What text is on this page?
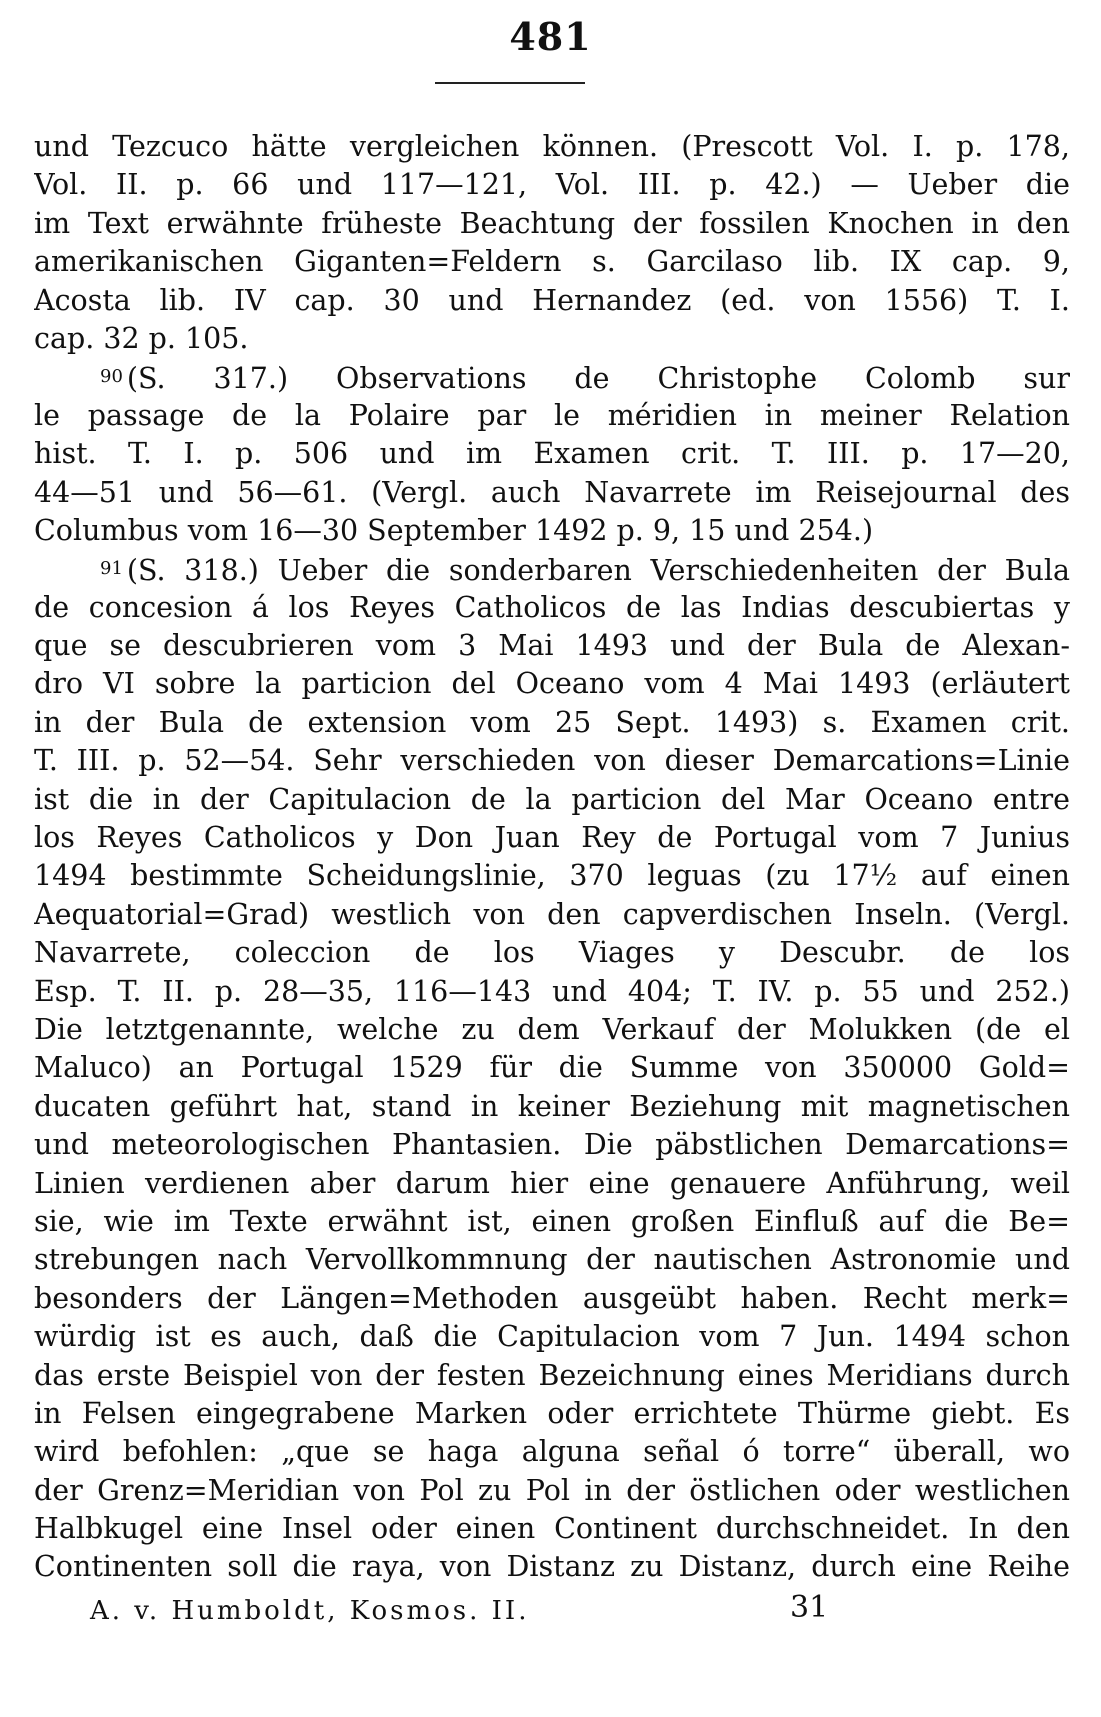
481
und Tezcuco hätte vergleichen können. (Prescott Vol. I. p. 178,
Vol. II. p. 66 und 117—121, Vol. III. p. 42.) — Ueber die
im Text erwähnte früheste Beachtung der fossilen Knochen in den
amerikanischen Giganten=Feldern s. Garcilaso lib. IX cap. 9,
Acosta lib. IV cap. 30 und Hernandez (ed. von 1556) T. I.
cap. 32 p. 105.
$^{90}$ (S. 317.) Observations de Christophe Colomb sur
le passage de la Polaire par le méridien in meiner Relation
hist. T. I. p. 506 und im Examen crit. T. III. p. 17—20,
44—51 und 56—61. (Vergl. auch Navarrete im Reisejournal des
Columbus vom 16—30 September 1492 p. 9, 15 und 254.)
$^{91}$ (S. 318.) Ueber die sonderbaren Verschiedenheiten der Bula
de concesion á los Reyes Catholicos de las Indias descubiertas y
que se descubrieren vom 3 Mai 1493 und der Bula de Alexan-
dro VI sobre la particion del Oceano vom 4 Mai 1493 (erläutert
in der Bula de extension vom 25 Sept. 1493) s. Examen crit.
T. III. p. 52—54. Sehr verschieden von dieser Demarcations=Linie
ist die in der Capitulacion de la particion del Mar Oceano entre
los Reyes Catholicos y Don Juan Rey de Portugal vom 7 Junius
1494 bestimmte Scheidungslinie, 370 leguas (zu 17½ auf einen
Aequatorial=Grad) westlich von den capverdischen Inseln. (Vergl.
Navarrete, coleccion de los Viages y Descubr. de los
Esp. T. II. p. 28—35, 116—143 und 404; T. IV. p. 55 und 252.)
Die letztgenannte, welche zu dem Verkauf der Molukken (de el
Maluco) an Portugal 1529 für die Summe von 350000 Gold=
ducaten geführt hat, stand in keiner Beziehung mit magnetischen
und meteorologischen Phantasien. Die päbstlichen Demarcations=
Linien verdienen aber darum hier eine genauere Anführung, weil
sie, wie im Texte erwähnt ist, einen großen Einfluß auf die Be=
strebungen nach Vervollkommnung der nautischen Astronomie und
besonders der Längen=Methoden ausgeübt haben. Recht merk=
würdig ist es auch, daß die Capitulacion vom 7 Jun. 1494 schon
das erste Beispiel von der festen Bezeichnung eines Meridians durch
in Felsen eingegrabene Marken oder errichtete Thürme giebt. Es
wird befohlen: „que se haga alguna señal ó torre“ überall, wo
der Grenz=Meridian von Pol zu Pol in der östlichen oder westlichen
Halbkugel eine Insel oder einen Continent durchschneidet. In den
Continenten soll die raya, von Distanz zu Distanz, durch eine Reihe
A. v. Humboldt, Kosmos. II.	31
